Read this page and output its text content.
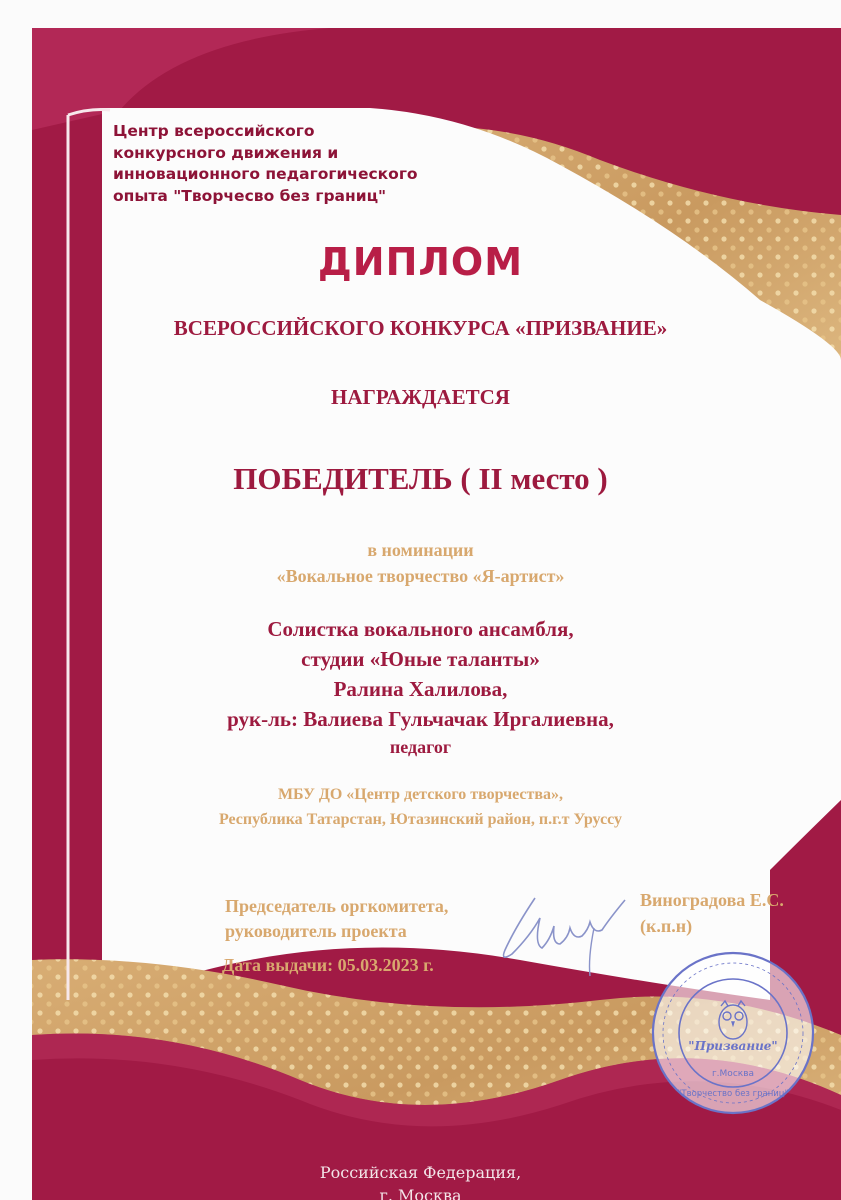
Центр всероссийского
конкурсного движения и
инновационного педагогического
опыта "Творчесво без границ"

ДИПЛОМ

ВСЕРОССИЙСКОГО КОНКУРСА «ПРИЗВАНИЕ»

НАГРАЖДАЕТСЯ

ПОБЕДИТЕЛЬ ( II место )

в номинации

«Вокальное творчество «Я-артист»

Солистка вокального ансамбля,

студии «Юные таланты»

Ралина Халилова,

рук-ль: Валиева Гульчачак Иргалиевна,

педагог

МБУ ДО «Центр детского творчества»,

Республика Татарстан, Ютазинский район, п.г.т Уруссу

Председатель оргкомитета,
руководитель проекта
Дата выдачи: 05.03.2023 г.
Виноградова Е.С.
(к.п.н)
"Призвание"
г.Москва
"Творчество без границ"

Российская Федерация,

г. Москва
